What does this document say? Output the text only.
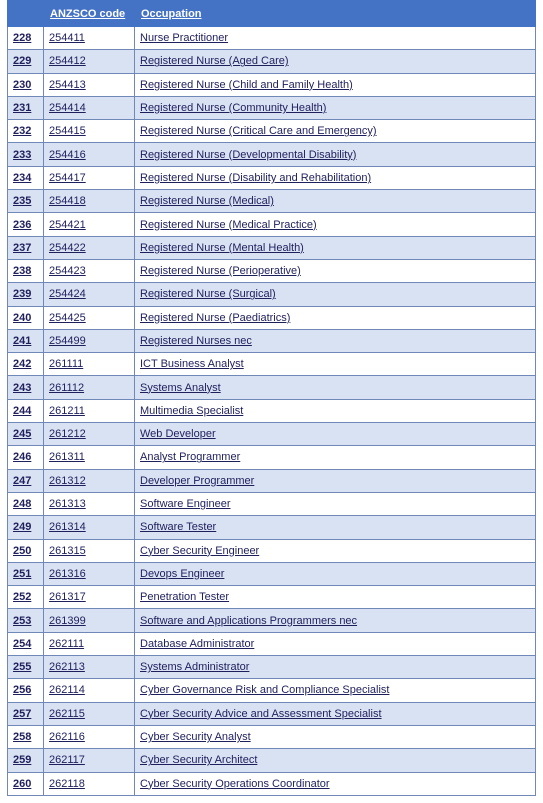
	ANZSCO code	Occupation
228	254411	Nurse Practitioner
229	254412	Registered Nurse (Aged Care)
230	254413	Registered Nurse (Child and Family Health)
231	254414	Registered Nurse (Community Health)
232	254415	Registered Nurse (Critical Care and Emergency)
233	254416	Registered Nurse (Developmental Disability)
234	254417	Registered Nurse (Disability and Rehabilitation)
235	254418	Registered Nurse (Medical)
236	254421	Registered Nurse (Medical Practice)
237	254422	Registered Nurse (Mental Health)
238	254423	Registered Nurse (Perioperative)
239	254424	Registered Nurse (Surgical)
240	254425	Registered Nurse (Paediatrics)
241	254499	Registered Nurses nec
242	261111	ICT Business Analyst
243	261112	Systems Analyst
244	261211	Multimedia Specialist
245	261212	Web Developer
246	261311	Analyst Programmer
247	261312	Developer Programmer
248	261313	Software Engineer
249	261314	Software Tester
250	261315	Cyber Security Engineer
251	261316	Devops Engineer
252	261317	Penetration Tester
253	261399	Software and Applications Programmers nec
254	262111	Database Administrator
255	262113	Systems Administrator
256	262114	Cyber Governance Risk and Compliance Specialist
257	262115	Cyber Security Advice and Assessment Specialist
258	262116	Cyber Security Analyst
259	262117	Cyber Security Architect
260	262118	Cyber Security Operations Coordinator
